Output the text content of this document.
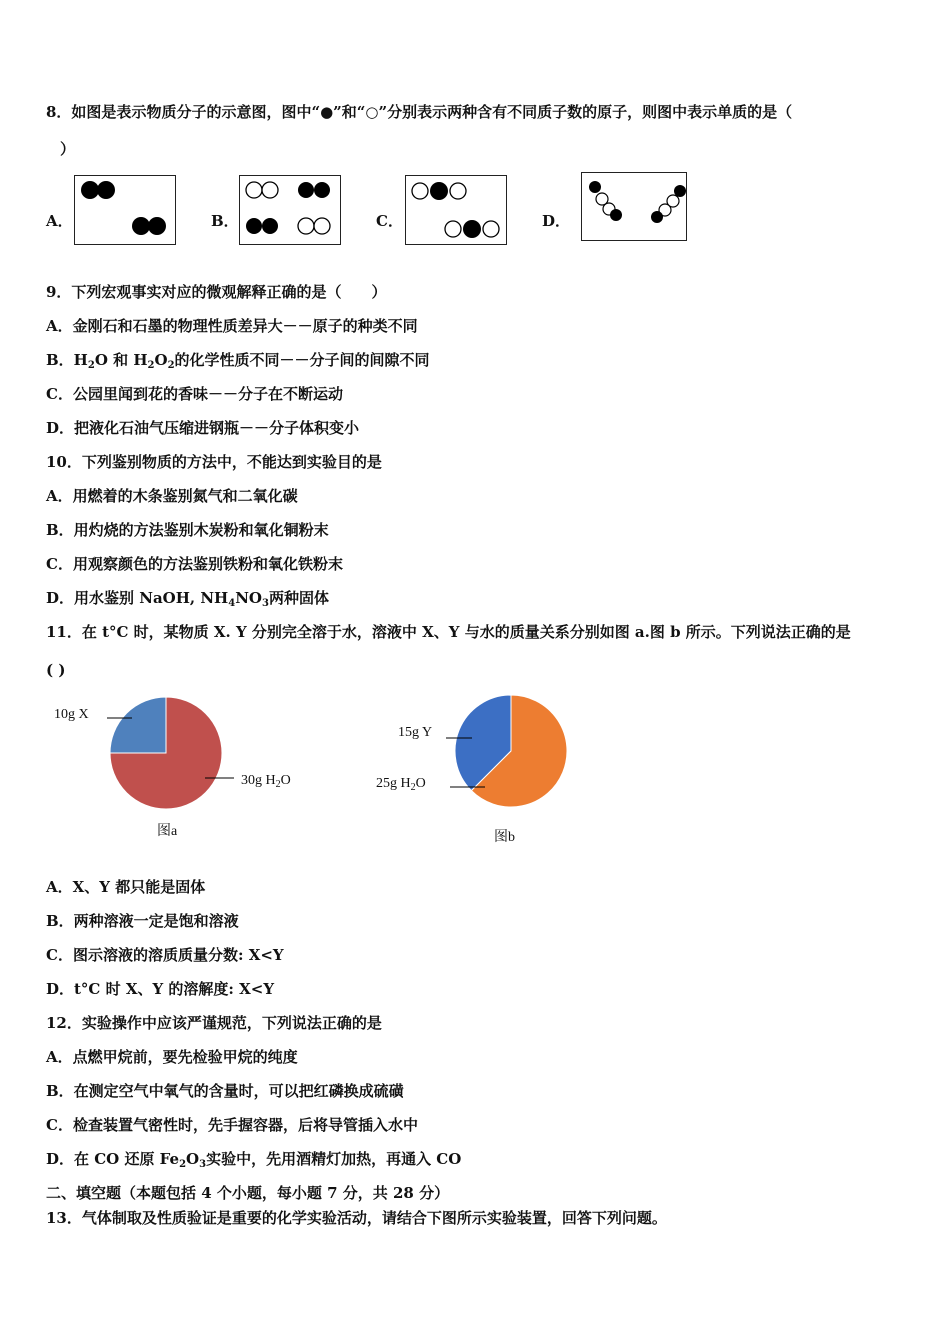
8．如图是表示物质分子的示意图，图中“●”和“○”分别表示两种含有不同质子数的原子，则图中表示单质的是（
）
A．	B．	C．	D．
9．下列宏观事实对应的微观解释正确的是（　　）
A．金刚石和石墨的物理性质差异大－－原子的种类不同
B．$H_2O$ 和 $H_2O_2$的化学性质不同－－分子间的间隙不同
C．公园里闻到花的香味－－分子在不断运动
D．把液化石油气压缩进钢瓶－－分子体积变小
10．下列鉴别物质的方法中，不能达到实验目的是
A．用燃着的木条鉴别氮气和二氧化碳
B．用灼烧的方法鉴别木炭粉和氧化铜粉末
C．用观察颜色的方法鉴别铁粉和氧化铁粉末
D．用水鉴别 NaOH, $NH_4NO_3$两种固体
11．在 t°C 时，某物质 X. Y 分别完全溶于水，溶液中 X、Y 与水的质量关系分别如图 a.图 b 所示。下列说法正确的是
( )
10g X
30g $H_2O$
图a
15g Y
25g $H_2O$
图b
A．X、Y 都只能是固体
B．两种溶液一定是饱和溶液
C．图示溶液的溶质质量分数: X<Y
D．t°C 时 X、Y 的溶解度: X<Y
12．实验操作中应该严谨规范，下列说法正确的是
A．点燃甲烷前，要先检验甲烷的纯度
B．在测定空气中氧气的含量时，可以把红磷换成硫磺
C．检查装置气密性时，先手握容器，后将导管插入水中
D．在 CO 还原 $Fe_2O_3$实验中，先用酒精灯加热，再通入 CO
二、填空题（本题包括 4 个小题，每小题 7 分，共 28 分）
13．气体制取及性质验证是重要的化学实验活动，请结合下图所示实验装置，回答下列问题。
